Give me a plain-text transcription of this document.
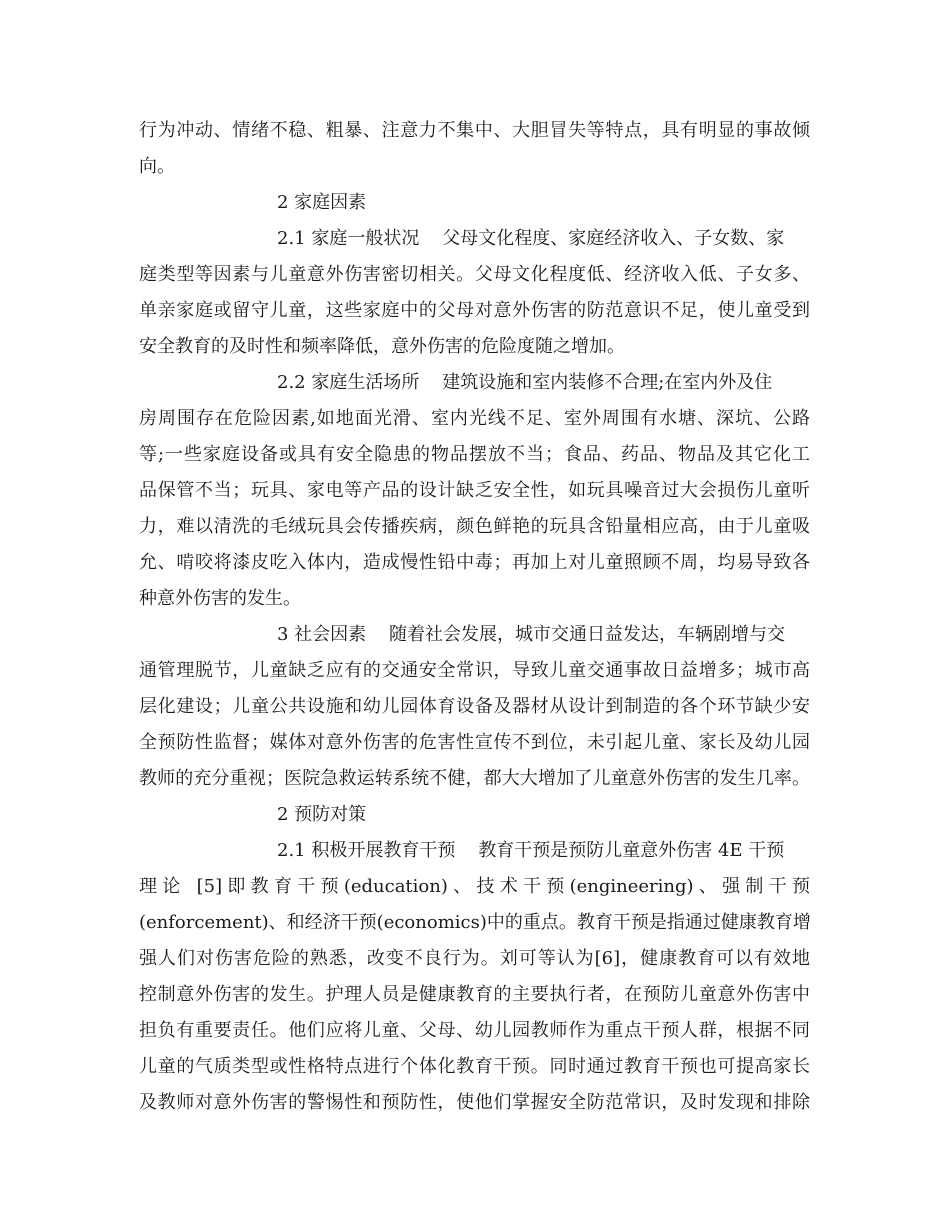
行为冲动、情绪不稳、粗暴、注意力不集中、大胆冒失等特点，具有明显的事故倾
向。
2 家庭因素
2.1 家庭一般状况    父母文化程度、家庭经济收入、子女数、家
庭类型等因素与儿童意外伤害密切相关。父母文化程度低、经济收入低、子女多、
单亲家庭或留守儿童，这些家庭中的父母对意外伤害的防范意识不足，使儿童受到
安全教育的及时性和频率降低，意外伤害的危险度随之增加。
2.2 家庭生活场所    建筑设施和室内装修不合理;在室内外及住
房周围存在危险因素,如地面光滑、室内光线不足、室外周围有水塘、深坑、公路
等;一些家庭设备或具有安全隐患的物品摆放不当；食品、药品、物品及其它化工
品保管不当；玩具、家电等产品的设计缺乏安全性，如玩具噪音过大会损伤儿童听
力，难以清洗的毛绒玩具会传播疾病，颜色鲜艳的玩具含铅量相应高，由于儿童吸
允、啃咬将漆皮吃入体内，造成慢性铅中毒；再加上对儿童照顾不周，均易导致各
种意外伤害的发生。
3 社会因素    随着社会发展，城市交通日益发达，车辆剧增与交
通管理脱节，儿童缺乏应有的交通安全常识，导致儿童交通事故日益增多；城市高
层化建设；儿童公共设施和幼儿园体育设备及器材从设计到制造的各个环节缺少安
全预防性监督；媒体对意外伤害的危害性宣传不到位，未引起儿童、家长及幼儿园
教师的充分重视；医院急救运转系统不健，都大大增加了儿童意外伤害的发生几率。
2 预防对策
2.1 积极开展教育干预    教育干预是预防儿童意外伤害 4E 干预
理论 [5]即教育干预(education)、技术干预(engineering)、强制干预
(enforcement)、和经济干预(economics)中的重点。教育干预是指通过健康教育增
强人们对伤害危险的熟悉，改变不良行为。刘可等认为[6]，健康教育可以有效地
控制意外伤害的发生。护理人员是健康教育的主要执行者，在预防儿童意外伤害中
担负有重要责任。他们应将儿童、父母、幼儿园教师作为重点干预人群，根据不同
儿童的气质类型或性格特点进行个体化教育干预。同时通过教育干预也可提高家长
及教师对意外伤害的警惕性和预防性，使他们掌握安全防范常识，及时发现和排除
